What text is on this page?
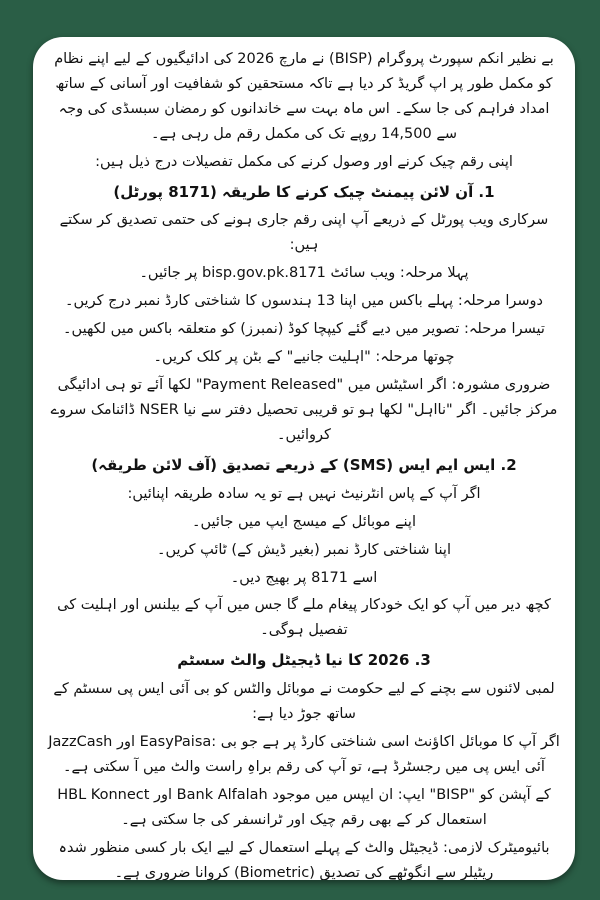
بے نظیر انکم سپورٹ پروگرام (BISP) نے مارچ 2026 کی ادائیگیوں کے لیے اپنے نظام کو مکمل طور پر اپ گریڈ کر دیا ہے تاکہ مستحقین کو شفافیت اور آسانی کے ساتھ امداد فراہم کی جا سکے۔ اس ماہ بہت سے خاندانوں کو رمضان سبسڈی کی وجہ سے 14,500 روپے تک کی مکمل رقم مل رہی ہے۔

اپنی رقم چیک کرنے اور وصول کرنے کی مکمل تفصیلات درج ذیل ہیں:

1. آن لائن پیمنٹ چیک کرنے کا طریقہ (8171 پورٹل)

سرکاری ویب پورٹل کے ذریعے آپ اپنی رقم جاری ہونے کی حتمی تصدیق کر سکتے ہیں:

پہلا مرحلہ: ویب سائٹ 8171.bisp.gov.pk پر جائیں۔

دوسرا مرحلہ: پہلے باکس میں اپنا 13 ہندسوں کا شناختی کارڈ نمبر درج کریں۔

تیسرا مرحلہ: تصویر میں دیے گئے کیپچا کوڈ (نمبرز) کو متعلقہ باکس میں لکھیں۔

چوتھا مرحلہ: "اہلیت جانیے" کے بٹن پر کلک کریں۔

ضروری مشورہ: اگر اسٹیٹس میں "Payment Released" لکھا آئے تو ہی ادائیگی مرکز جائیں۔ اگر "نااہل" لکھا ہو تو قریبی تحصیل دفتر سے نیا NSER ڈائنامک سروے کروائیں۔

2. ایس ایم ایس (SMS) کے ذریعے تصدیق (آف لائن طریقہ)

اگر آپ کے پاس انٹرنیٹ نہیں ہے تو یہ سادہ طریقہ اپنائیں:

اپنے موبائل کے میسج ایپ میں جائیں۔

اپنا شناختی کارڈ نمبر (بغیر ڈیش کے) ٹائپ کریں۔

اسے 8171 پر بھیج دیں۔

کچھ دیر میں آپ کو ایک خودکار پیغام ملے گا جس میں آپ کے بیلنس اور اہلیت کی تفصیل ہوگی۔

3. 2026 کا نیا ڈیجیٹل والٹ سسٹم

لمبی لائنوں سے بچنے کے لیے حکومت نے موبائل والٹس کو بی آئی ایس پی سسٹم کے ساتھ جوڑ دیا ہے:

JazzCash اور EasyPaisa: اگر آپ کا موبائل اکاؤنٹ اسی شناختی کارڈ پر ہے جو بی آئی ایس پی میں رجسٹرڈ ہے، تو آپ کی رقم براہِ راست والٹ میں آ سکتی ہے۔

HBL Konnect اور Bank Alfalah ایپ: ان ایپس میں موجود "BISP" کے آپشن کو استعمال کر کے بھی رقم چیک اور ٹرانسفر کی جا سکتی ہے۔

بائیومیٹرک لازمی: ڈیجیٹل والٹ کے پہلے استعمال کے لیے ایک بار کسی منظور شدہ ریٹیلر سے انگوٹھے کی تصدیق (Biometric) کروانا ضروری ہے۔
